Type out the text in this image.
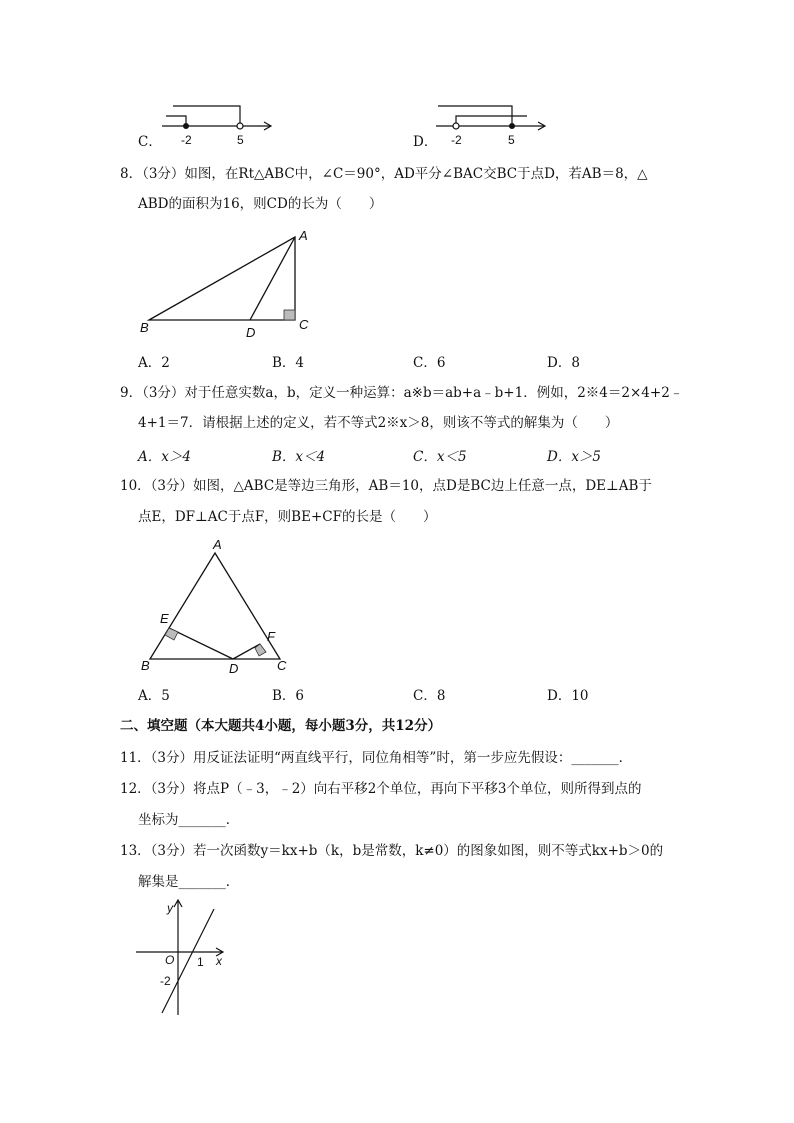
C． -2	5	D． -2	5
8．（3分）如图，在Rt△ABC中，∠C＝90°，AD平分∠BAC交BC于点D，若AB＝8，△
ABD的面积为16，则CD的长为（　　）
A
B	C
D
A．2	B．4	C．6	D．8
9．（3分）对于任意实数a，b，定义一种运算：a※b＝ab+a﹣b+1．例如，2※4＝2×4+2﹣
4+1＝7．请根据上述的定义，若不等式2※x＞8，则该不等式的解集为（　　）
A．x＞4	B．x＜4	C．x＜5	D．x＞5
10．（3分）如图，△ABC是等边三角形，AB＝10，点D是BC边上任意一点，DE⊥AB于
点E，DF⊥AC于点F，则BE+CF的长是（　　）
A
B	C
D
E
F
A．5	B．6	C．8	D．10
二、填空题（本大题共4小题，每小题3分，共12分）
11．（3分）用反证法证明“两直线平行，同位角相等”时，第一步应先假设：_______．
12．（3分）将点P（﹣3，﹣2）向右平移2个单位，再向下平移3个单位，则所得到点的
坐标为_______．
13．（3分）若一次函数y＝kx+b（k，b是常数，k≠0）的图象如图，则不等式kx+b＞0的
解集是_______．
y
x
O 1
-2
